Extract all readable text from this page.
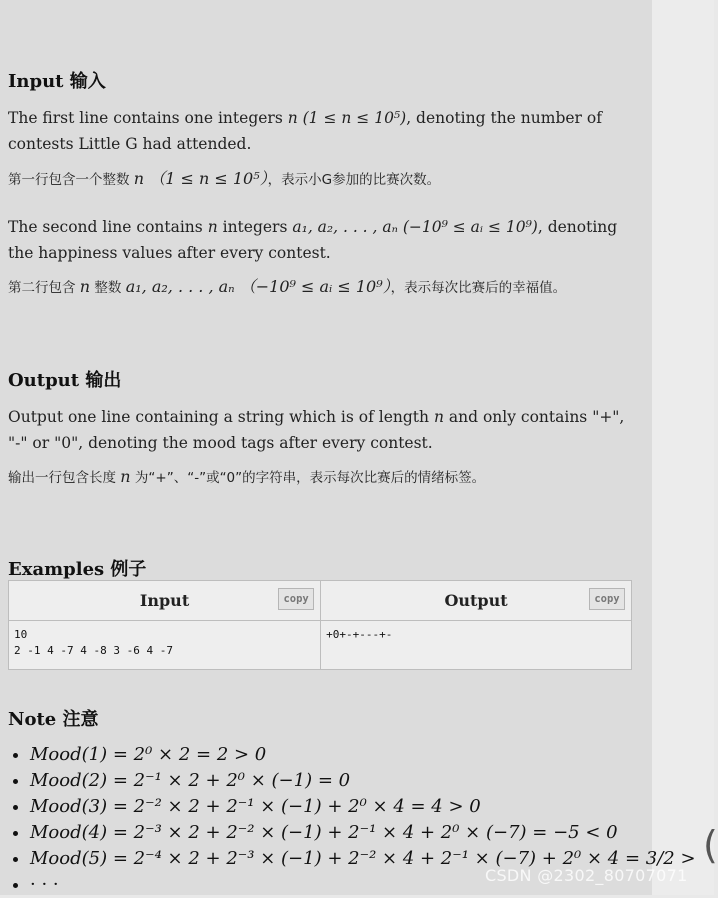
(
Input 输入

The first line contains one integers n (1 ≤ n ≤ 10⁵), denoting the number of contests Little G had attended.

第一行包含一个整数 n （1 ≤ n ≤ 10⁵），表示小G参加的比赛次数。

The second line contains n integers a₁, a₂, . . . , aₙ (−10⁹ ≤ aᵢ ≤ 10⁹), denoting the happiness values after every contest.

第二行包含 n 整数 a₁, a₂, . . . , aₙ （−10⁹ ≤ aᵢ ≤ 10⁹），表示每次比赛后的幸福值。

Output 输出

Output one line containing a string which is of length n and only contains "+", "-" or "0", denoting the mood tags after every contest.

输出一行包含长度 n 为“+”、“-”或“0”的字符串，表示每次比赛后的情绪标签。

Examples 例子
Input copy	Output copy

10
2 -1 4 -7 4 -8 3 -6 4 -7	+0+-+---+-
Note 注意
• Mood(1) = 2⁰ × 2 = 2 > 0
• Mood(2) = 2⁻¹ × 2 + 2⁰ × (−1) = 0
• Mood(3) = 2⁻² × 2 + 2⁻¹ × (−1) + 2⁰ × 4 = 4 > 0
• Mood(4) = 2⁻³ × 2 + 2⁻² × (−1) + 2⁻¹ × 4 + 2⁰ × (−7) = −5 < 0
• Mood(5) = 2⁻⁴ × 2 + 2⁻³ × (−1) + 2⁻² × 4 + 2⁻¹ × (−7) + 2⁰ × 4 = 3/2 >
• · · ·	CSDN @2302_80707071
